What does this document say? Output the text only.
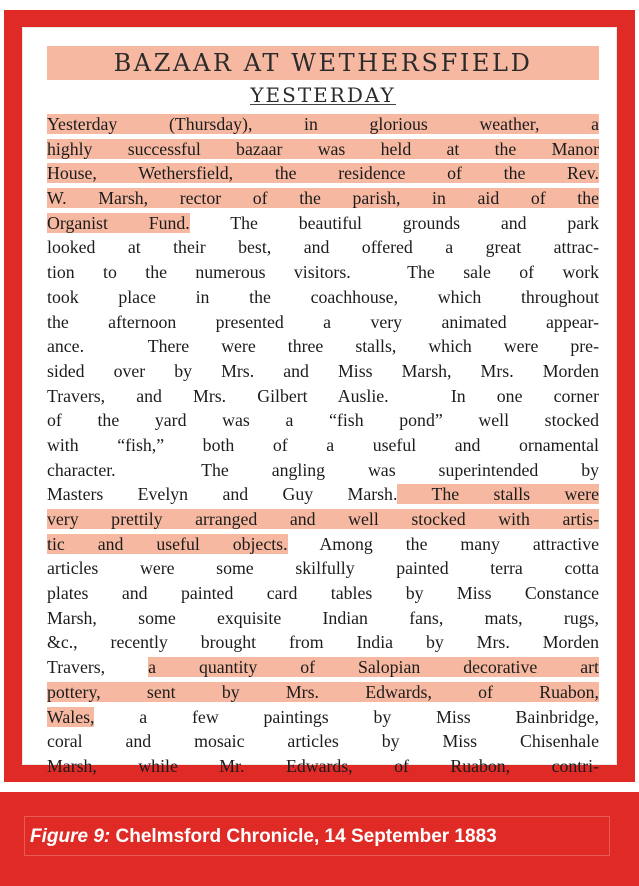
BAZAAR AT WETHERSFIELD
YESTERDAY
Yesterday (Thursday), in glorious weather, a
highly successful bazaar was held at the Manor
House, Wethersfield, the residence of the Rev.
W. Marsh, rector of the parish, in aid of the
Organist Fund. The beautiful grounds and park
looked at their best, and offered a great attrac-
tion to the numerous visitors.  The sale of work
took place in the coachhouse, which throughout
the afternoon presented a very animated appear-
ance.  There were three stalls, which were pre-
sided over by Mrs. and Miss Marsh, Mrs. Morden
Travers, and Mrs. Gilbert Auslie.  In one corner
of the yard was a “fish pond” well stocked
with “fish,” both of a useful and ornamental
character.  The angling was superintended by
Masters Evelyn and Guy Marsh. The stalls were
very prettily arranged and well stocked with artis-
tic and useful objects. Among the many attractive
articles were some skilfully painted terra cotta
plates and painted card tables by Miss Constance
Marsh, some exquisite Indian fans, mats, rugs,
&c., recently brought from India by Mrs. Morden
Travers, a quantity of Salopian decorative art
pottery, sent by Mrs. Edwards, of Ruabon,
Wales, a few paintings by Miss Bainbridge,
coral and mosaic articles by Miss Chisenhale
Marsh, while Mr. Edwards, of Ruabon, contri-
Figure 9: Chelmsford Chronicle, 14 September 1883
